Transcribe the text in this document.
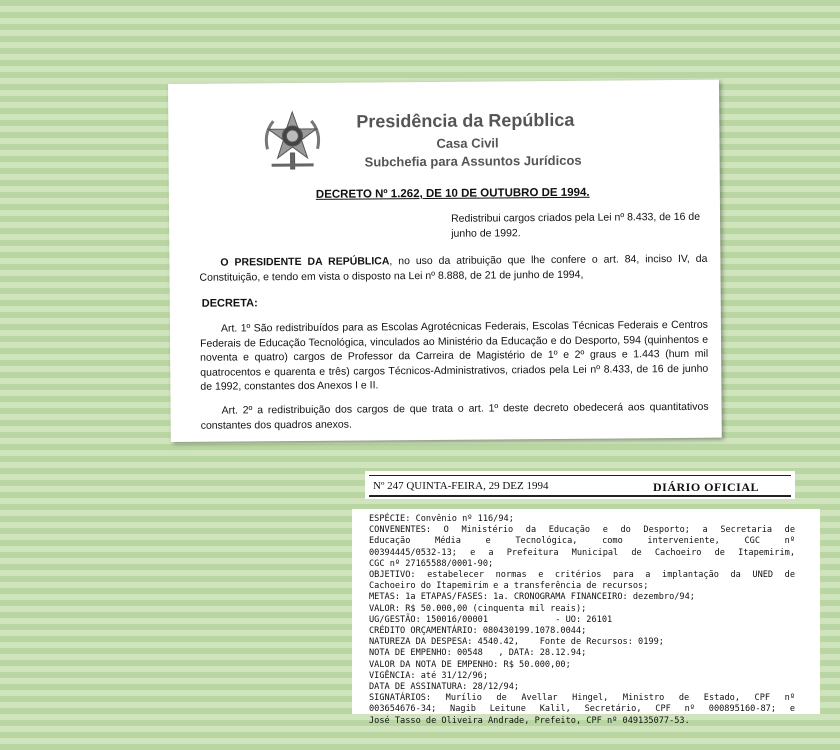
Presidência da República
Casa Civil
Subchefia para Assuntos Jurídicos
DECRETO Nº 1.262, DE 10 DE OUTUBRO DE 1994.
Redistribui cargos criados pela Lei nº 8.433, de 16 de junho de 1992.
O PRESIDENTE DA REPÚBLICA, no uso da atribuição que lhe confere o art. 84, inciso IV, da Constituição, e tendo em vista o disposto na Lei nº 8.888, de 21 de junho de 1994,
DECRETA:
Art. 1º São redistribuídos para as Escolas Agrotécnicas Federais, Escolas Técnicas Federais e Centros Federais de Educação Tecnológica, vinculados ao Ministério da Educação e do Desporto, 594 (quinhentos e noventa e quatro) cargos de Professor da Carreira de Magistério de 1º e 2º graus e 1.443 (hum mil quatrocentos e quarenta e três) cargos Técnicos-Administrativos, criados pela Lei nº 8.433, de 16 de junho de 1992, constantes dos Anexos I e II.
Art. 2º a redistribuição dos cargos de que trata o art. 1º deste decreto obedecerá aos quantitativos constantes dos quadros anexos.
Nº 247 QUINTA-FEIRA, 29 DEZ 1994	DIÁRIO OFICIAL
ESPÉCIE: Convênio nº 116/94;
CONVENENTES: O Ministério da Educação e do Desporto; a Secretaria de
Educação Média e Tecnológica, como interveniente, CGC nº
00394445/0532-13; e a Prefeitura Municipal de Cachoeiro de Itapemirim,
CGC nº 27165588/0001-90;
OBJETIVO: estabelecer normas e critérios para a implantação da UNED de
Cachoeiro do Itapemirim e a transferência de recursos;
METAS: 1a ETAPAS/FASES: 1a. CRONOGRAMA FINANCEIRO: dezembro/94;
VALOR: R$ 50.000,00 (cinquenta mil reais);
UG/GESTÃO: 150016/00001             - UO: 26101
CRÉDITO ORÇAMENTÁRIO: 080430199.1078.0044;
NATUREZA DA DESPESA: 4540.42,    Fonte de Recursos: 0199;
NOTA DE EMPENHO: 00548   , DATA: 28.12.94;
VALOR DA NOTA DE EMPENHO: R$ 50.000,00;
VIGÊNCIA: até 31/12/96;
DATA DE ASSINATURA: 28/12/94;
SIGNATÁRIOS: Murílio de Avellar Hingel, Ministro de Estado, CPF nº
003654676-34; Nagib Leitune Kalil, Secretário, CPF nº 000895160-87; e
José Tasso de Oliveira Andrade, Prefeito, CPF nº 049135077-53.
